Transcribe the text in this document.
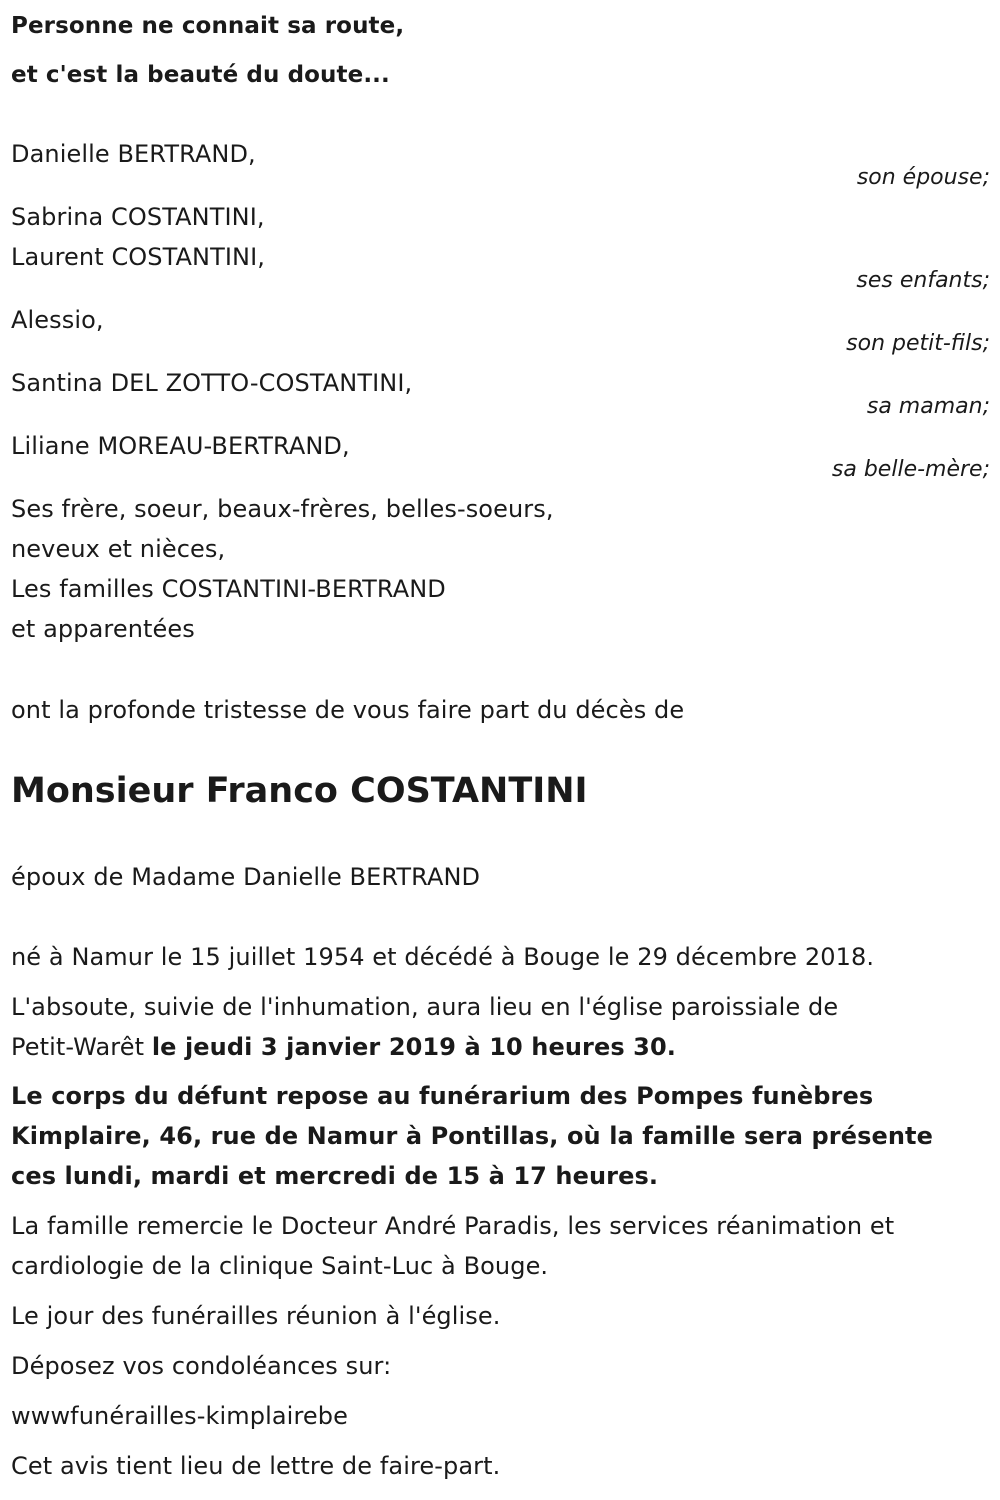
Personne ne connait sa route,
et c'est la beauté du doute...
Danielle BERTRAND,
son épouse;
Sabrina COSTANTINI,
Laurent COSTANTINI,
ses enfants;
Alessio,
son petit-fils;
Santina DEL ZOTTO-COSTANTINI,
sa maman;
Liliane MOREAU-BERTRAND,
sa belle-mère;
Ses frère, soeur, beaux-frères, belles-soeurs,
neveux et nièces,
Les familles COSTANTINI-BERTRAND
et apparentées
ont la profonde tristesse de vous faire part du décès de
Monsieur Franco COSTANTINI
époux de Madame Danielle BERTRAND
né à Namur le 15 juillet 1954 et décédé à Bouge le 29 décembre 2018.
L'absoute, suivie de l'inhumation, aura lieu en l'église paroissiale de
Petit-Warêt le jeudi 3 janvier 2019 à 10 heures 30.
Le corps du défunt repose au funérarium des Pompes funèbres
Kimplaire, 46, rue de Namur à Pontillas, où la famille sera présente
ces lundi, mardi et mercredi de 15 à 17 heures.
La famille remercie le Docteur André Paradis, les services réanimation et
cardiologie de la clinique Saint-Luc à Bouge.
Le jour des funérailles réunion à l'église.
Déposez vos condoléances sur:
wwwfunérailles-kimplairebe
Cet avis tient lieu de lettre de faire-part.
